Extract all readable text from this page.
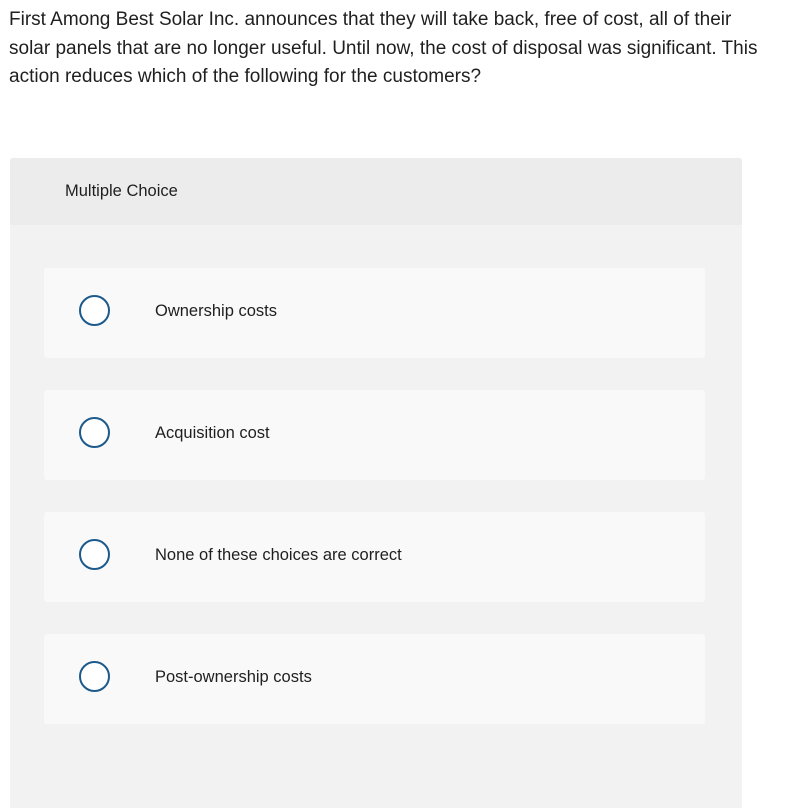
First Among Best Solar Inc. announces that they will take back, free of cost, all of their solar panels that are no longer useful. Until now, the cost of disposal was significant. This action reduces which of the following for the customers?

Multiple Choice
Ownership costs
Acquisition cost
None of these choices are correct
Post-ownership costs
